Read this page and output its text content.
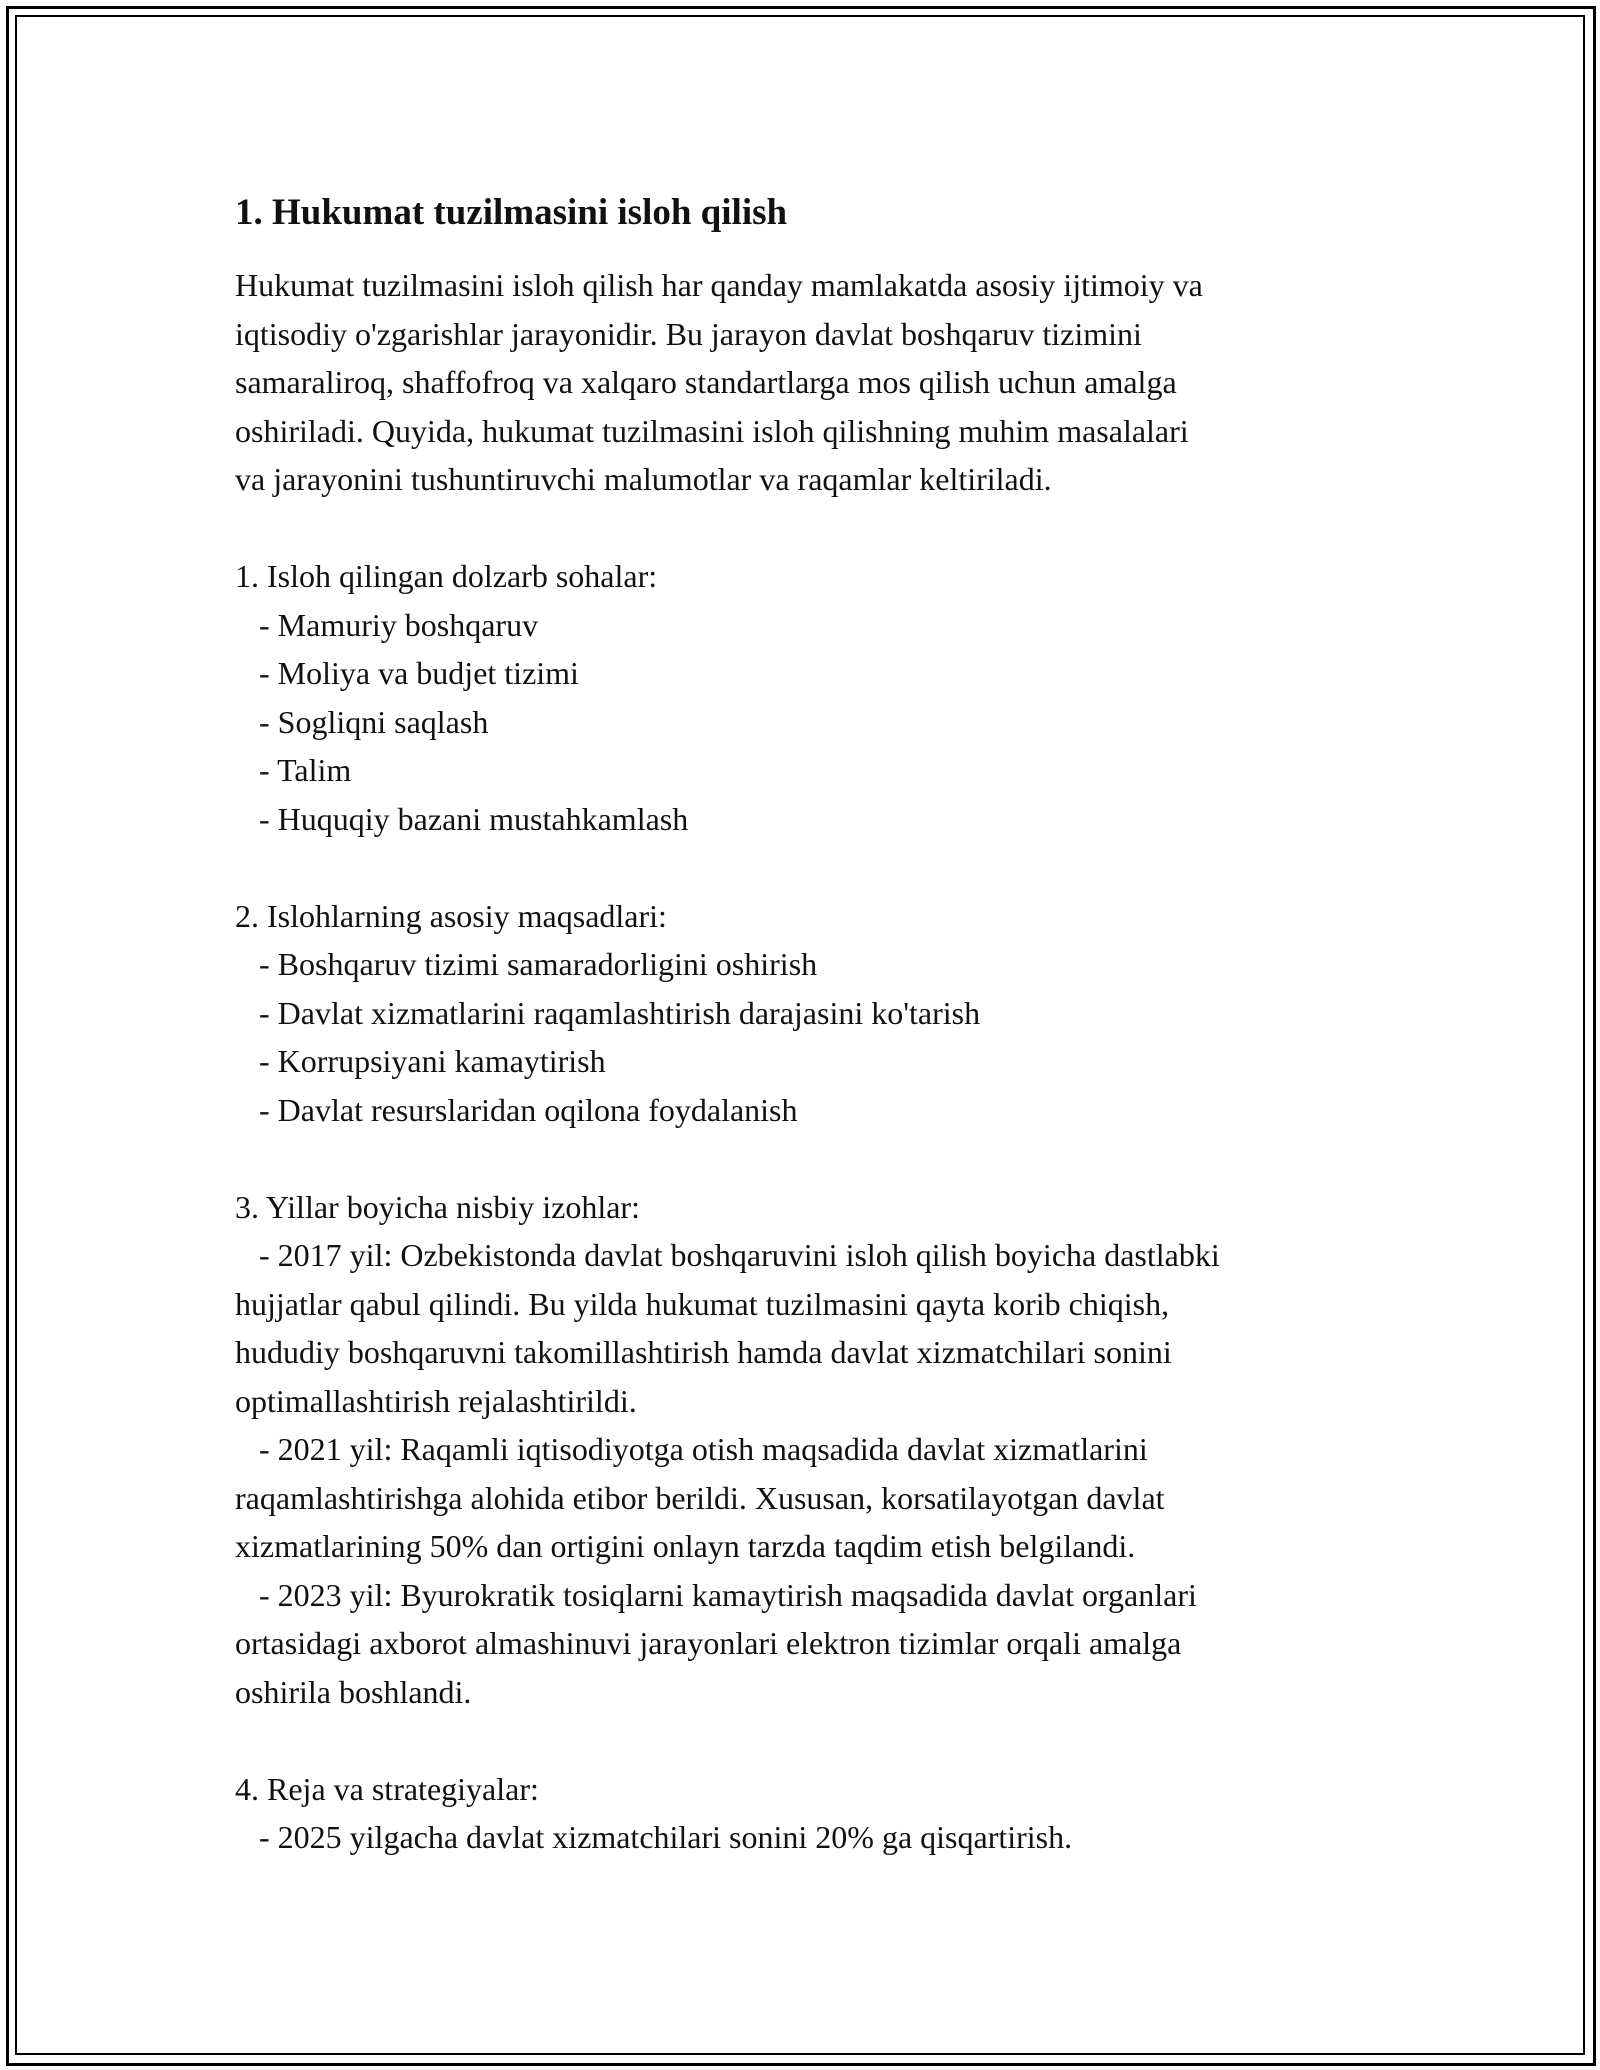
1. Hukumat tuzilmasini isloh qilish
Hukumat tuzilmasini isloh qilish har qanday mamlakatda asosiy ijtimoiy va
iqtisodiy o'zgarishlar jarayonidir. Bu jarayon davlat boshqaruv tizimini
samaraliroq, shaffofroq va xalqaro standartlarga mos qilish uchun amalga
oshiriladi. Quyida, hukumat tuzilmasini isloh qilishning muhim masalalari
va jarayonini tushuntiruvchi malumotlar va raqamlar keltiriladi.
1. Isloh qilingan dolzarb sohalar:
- Mamuriy boshqaruv
- Moliya va budjet tizimi
- Sogliqni saqlash
- Talim
- Huquqiy bazani mustahkamlash
2. Islohlarning asosiy maqsadlari:
- Boshqaruv tizimi samaradorligini oshirish
- Davlat xizmatlarini raqamlashtirish darajasini ko'tarish
- Korrupsiyani kamaytirish
- Davlat resurslaridan oqilona foydalanish
3. Yillar boyicha nisbiy izohlar:
- 2017 yil: Ozbekistonda davlat boshqaruvini isloh qilish boyicha dastlabki
hujjatlar qabul qilindi. Bu yilda hukumat tuzilmasini qayta korib chiqish,
hududiy boshqaruvni takomillashtirish hamda davlat xizmatchilari sonini
optimallashtirish rejalashtirildi.
- 2021 yil: Raqamli iqtisodiyotga otish maqsadida davlat xizmatlarini
raqamlashtirishga alohida etibor berildi. Xususan, korsatilayotgan davlat
xizmatlarining 50% dan ortigini onlayn tarzda taqdim etish belgilandi.
- 2023 yil: Byurokratik tosiqlarni kamaytirish maqsadida davlat organlari
ortasidagi axborot almashinuvi jarayonlari elektron tizimlar orqali amalga
oshirila boshlandi.
4. Reja va strategiyalar:
- 2025 yilgacha davlat xizmatchilari sonini 20% ga qisqartirish.
